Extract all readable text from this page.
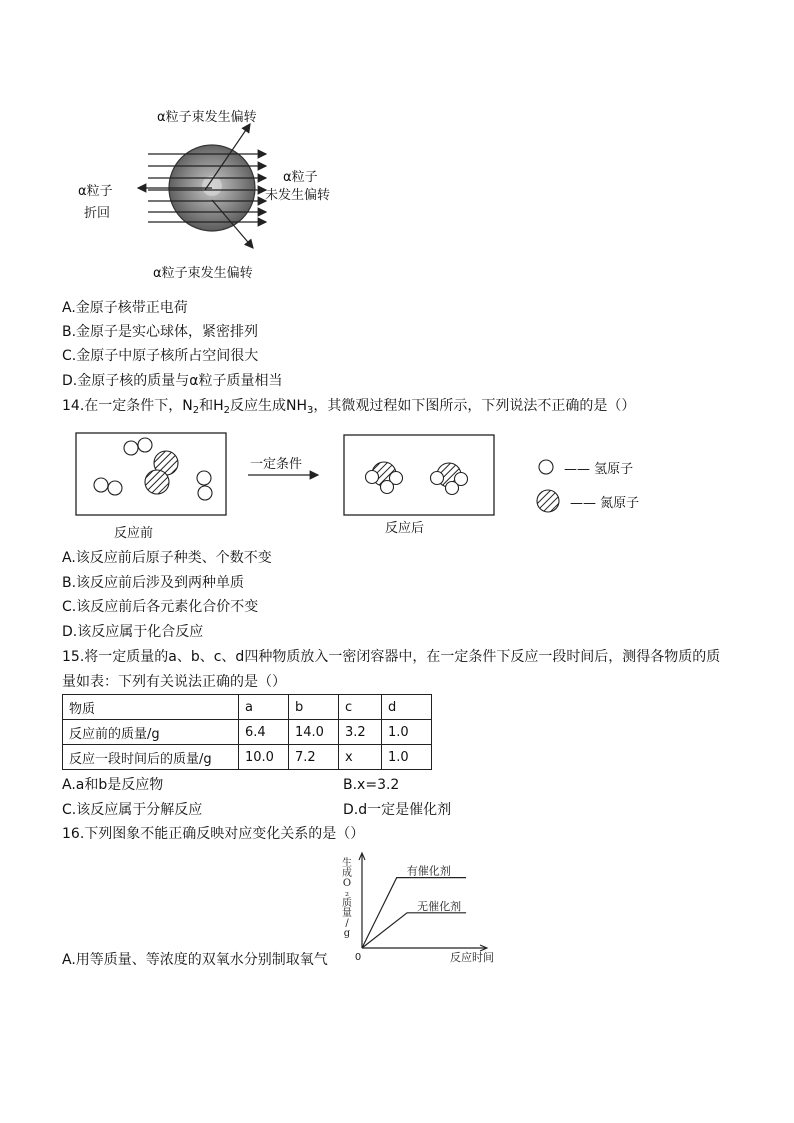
α粒子束发生偏转
α粒子
未发生偏转
α粒子
折回
α粒子束发生偏转
A.金原子核带正电荷
B.金原子是实心球体，紧密排列
C.金原子中原子核所占空间很大
D.金原子核的质量与α粒子质量相当
14.在一定条件下，$N_2$和$H_2$反应生成$NH_3$，其微观过程如下图所示，下列说法不正确的是（）
一定条件
反应前	反应后
—— 氢原子
—— 氮原子
A.该反应前后原子种类、个数不变
B.该反应前后涉及到两种单质
C.该反应前后各元素化合价不变
D.该反应属于化合反应
15.将一定质量的a、b、c、d四种物质放入一密闭容器中，在一定条件下反应一段时间后，测得各物质的质
量如表：下列有关说法正确的是（）
物质	a	b	c	d
反应前的质量/g	6.4	14.0	3.2	1.0
反应一段时间后的质量/g	10.0	7.2	x	1.0
A.a和b是反应物	B.x=3.2
C.该反应属于分解反应	D.d一定是催化剂
16.下列图象不能正确反映对应变化关系的是（）
有催化剂
无催化剂
生
成
O
₂
质
量
/
g
0	反应时间
A.用等质量、等浓度的双氧水分别制取氧气
